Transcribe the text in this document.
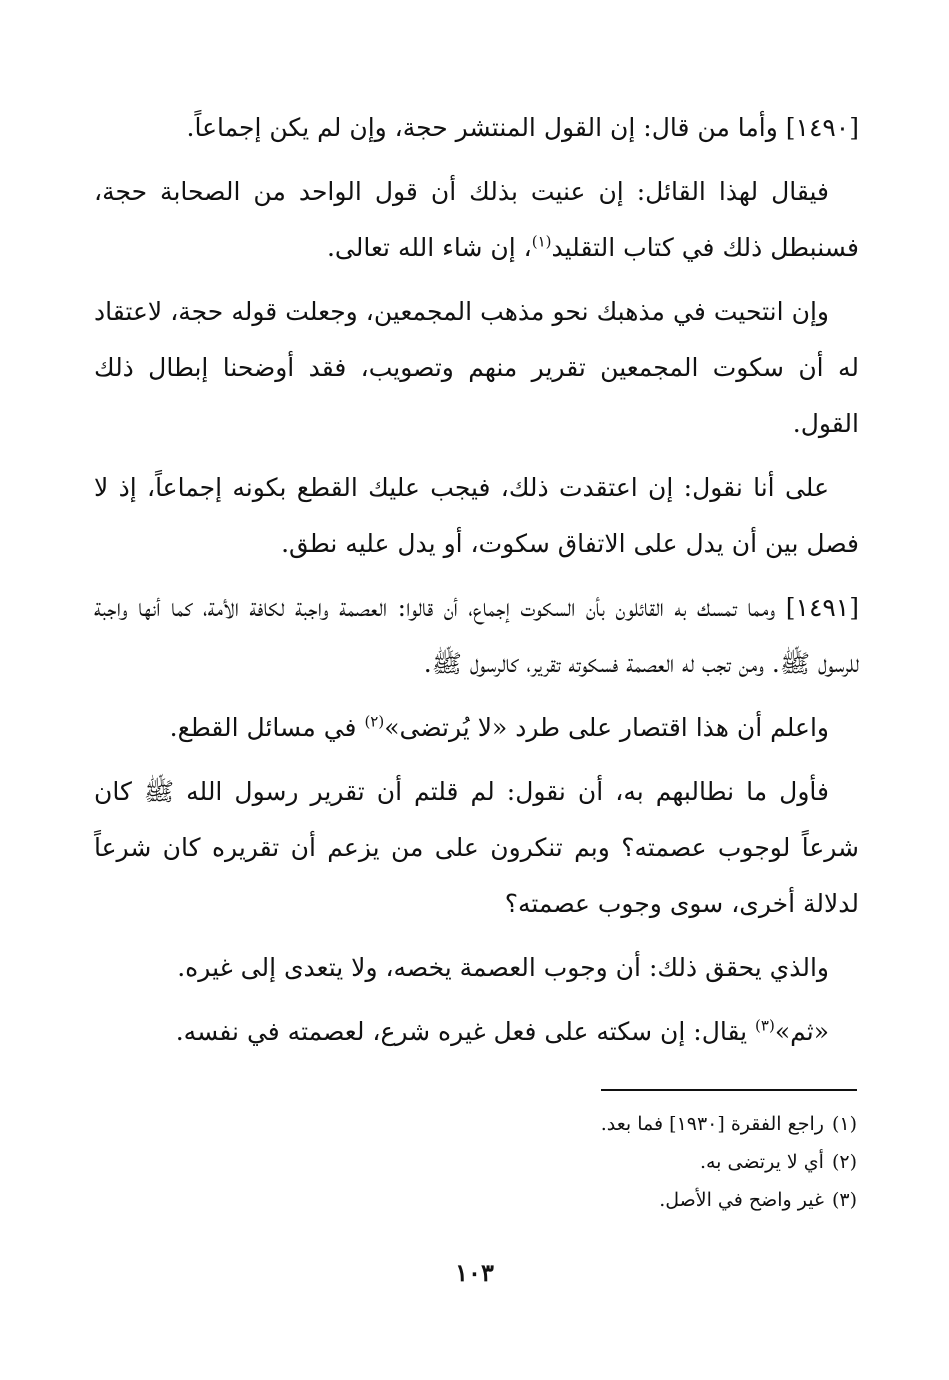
[١٤٩٠] وأما من قال: إن القول المنتشر حجة، وإن لم يكن إجماعاً.

فيقال لهذا القائل: إن عنيت بذلك أن قول الواحد من الصحابة حجة، فسنبطل ذلك في كتاب التقليد$^{(١)}$، إن شاء الله تعالى.

وإن انتحيت في مذهبك نحو مذهب المجمعين، وجعلت قوله حجة، لاعتقاد له أن سكوت المجمعين تقرير منهم وتصويب، فقد أوضحنا إبطال ذلك القول.

على أنا نقول: إن اعتقدت ذلك، فيجب عليك القطع بكونه إجماعاً، إذ لا فصل بين أن يدل على الاتفاق سكوت، أو يدل عليه نطق.

[١٤٩١] ومما تمسك به القائلون بأن السكوت إجماع، أن قالوا: العصمة واجبة لكافة الأمة، كما أنها واجبة للرسول ﷺ. ومن تجب له العصمة فسكوته تقرير، كالرسول ﷺ.

واعلم أن هذا اقتصار على طرد «لا يُرتضى»$^{(٢)}$ في مسائل القطع.

فأول ما نطالبهم به، أن نقول: لم قلتم أن تقرير رسول الله ﷺ كان شرعاً لوجوب عصمته؟ وبم تنكرون على من يزعم أن تقريره كان شرعاً لدلالة أخرى، سوى وجوب عصمته؟

والذي يحقق ذلك: أن وجوب العصمة يخصه، ولا يتعدى إلى غيره.

«ثم»$^{(٣)}$ يقال: إن سكته على فعل غيره شرع، لعصمته في نفسه.

(١)راجع الفقرة [١٩٣٠] فما بعد.

(٢)أي لا يرتضى به.

(٣)غير واضح في الأصل.

١٠٣
